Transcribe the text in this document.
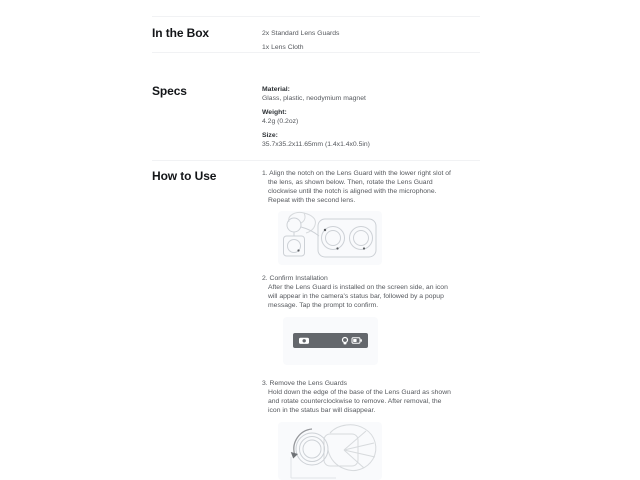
In the Box	2x Standard Lens Guards
1x Lens Cloth
Specs	Material:
Glass, plastic, neodymium magnet
Weight:
4.2g (0.2oz)
Size:
35.7x35.2x11.65mm (1.4x1.4x0.5in)
How to Use	1. Align the notch on the Lens Guard with the lower right slot of
the lens, as shown below. Then, rotate the Lens Guard
clockwise until the notch is aligned with the microphone.
Repeat with the second lens.
2. Confirm Installation
After the Lens Guard is installed on the screen side, an icon
will appear in the camera's status bar, followed by a popup
message. Tap the prompt to confirm.
3. Remove the Lens Guards
Hold down the edge of the base of the Lens Guard as shown
and rotate counterclockwise to remove. After removal, the
icon in the status bar will disappear.
